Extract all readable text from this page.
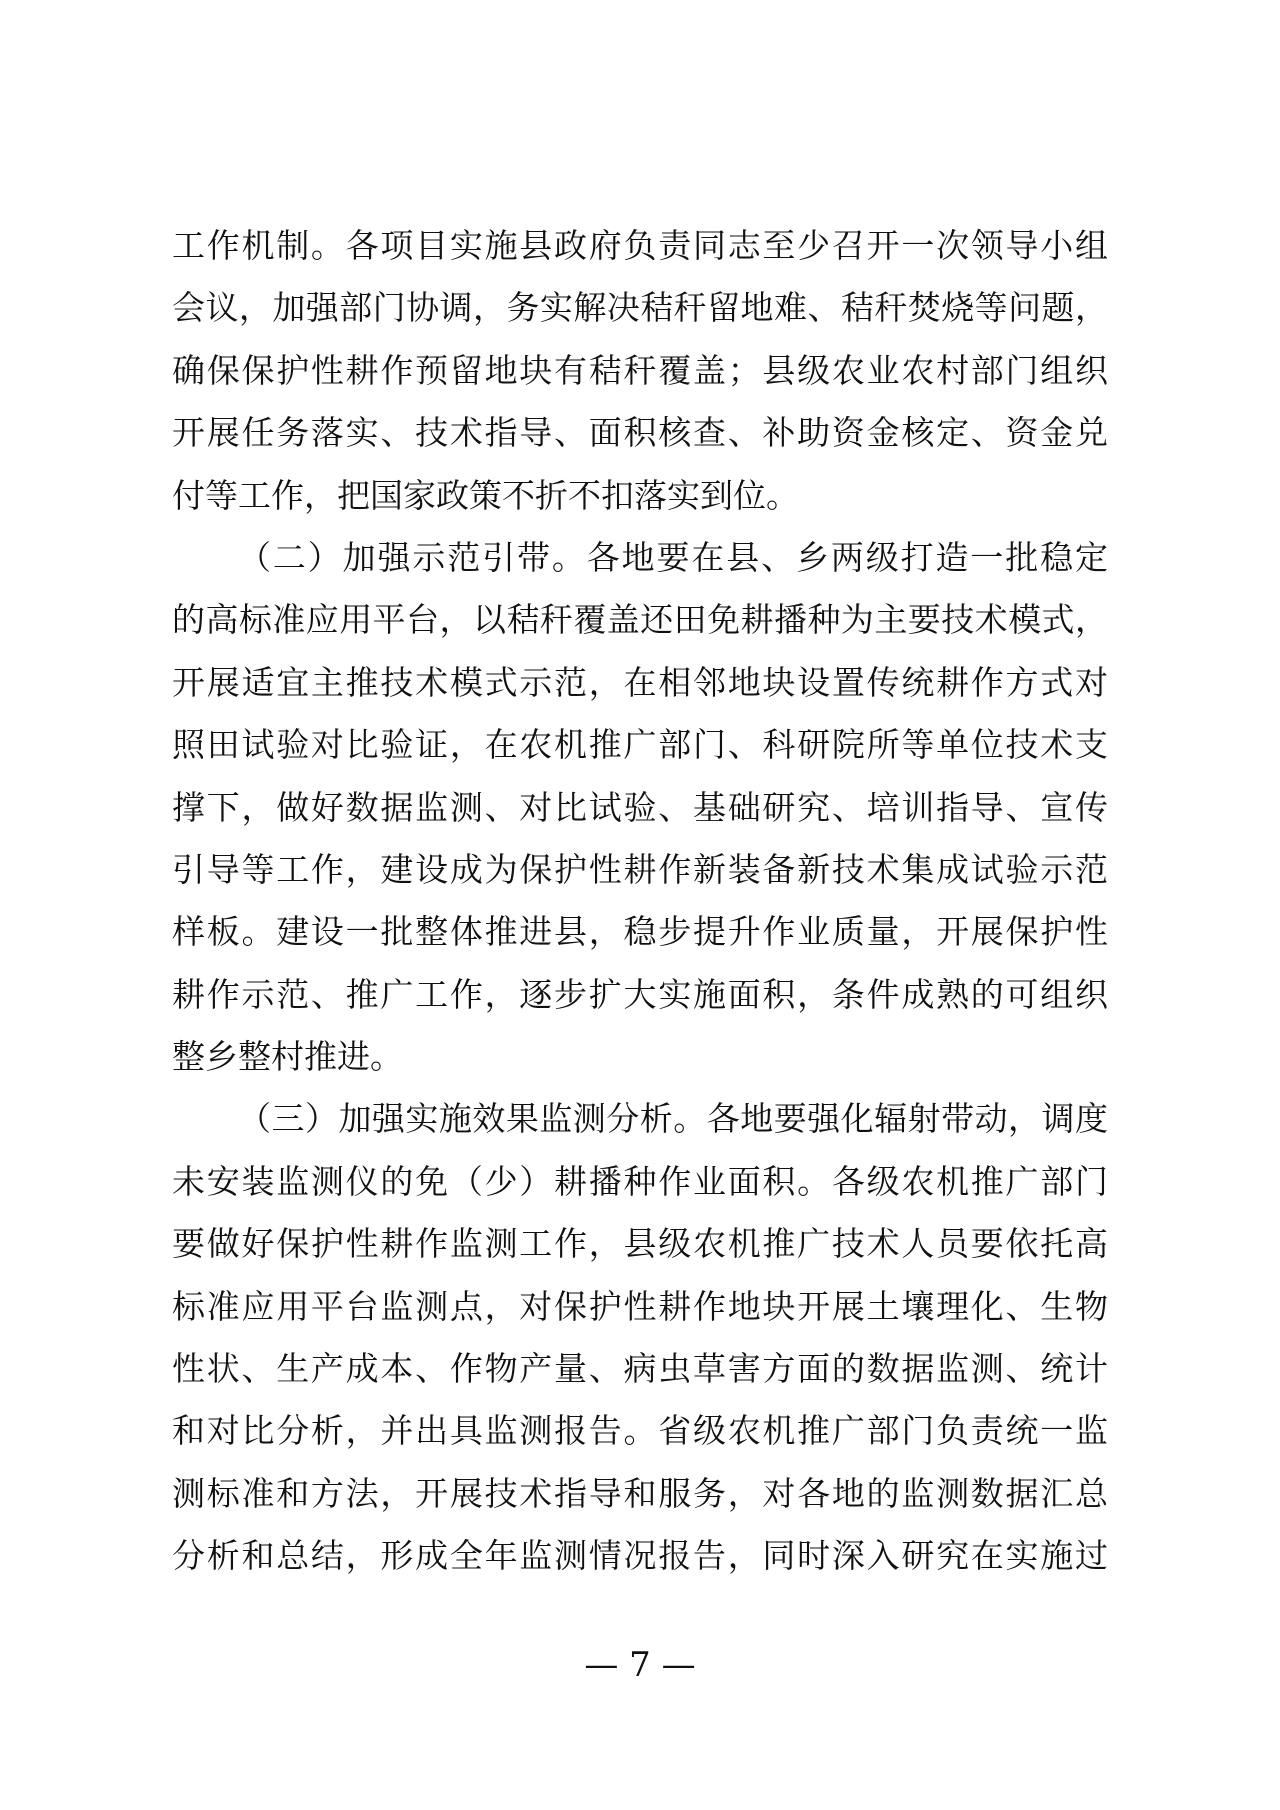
工作机制。各项目实施县政府负责同志至少召开一次领导小组
会议，加强部门协调，务实解决秸秆留地难、秸秆焚烧等问题，
确保保护性耕作预留地块有秸秆覆盖；县级农业农村部门组织
开展任务落实、技术指导、面积核查、补助资金核定、资金兑
付等工作，把国家政策不折不扣落实到位。
（二）加强示范引带。各地要在县、乡两级打造一批稳定
的高标准应用平台，以秸秆覆盖还田免耕播种为主要技术模式，
开展适宜主推技术模式示范，在相邻地块设置传统耕作方式对
照田试验对比验证，在农机推广部门、科研院所等单位技术支
撑下，做好数据监测、对比试验、基础研究、培训指导、宣传
引导等工作，建设成为保护性耕作新装备新技术集成试验示范
样板。建设一批整体推进县，稳步提升作业质量，开展保护性
耕作示范、推广工作，逐步扩大实施面积，条件成熟的可组织
整乡整村推进。
（三）加强实施效果监测分析。各地要强化辐射带动，调度
未安装监测仪的免（少）耕播种作业面积。各级农机推广部门
要做好保护性耕作监测工作，县级农机推广技术人员要依托高
标准应用平台监测点，对保护性耕作地块开展土壤理化、生物
性状、生产成本、作物产量、病虫草害方面的数据监测、统计
和对比分析，并出具监测报告。省级农机推广部门负责统一监
测标准和方法，开展技术指导和服务，对各地的监测数据汇总
分析和总结，形成全年监测情况报告，同时深入研究在实施过
— 7 —
